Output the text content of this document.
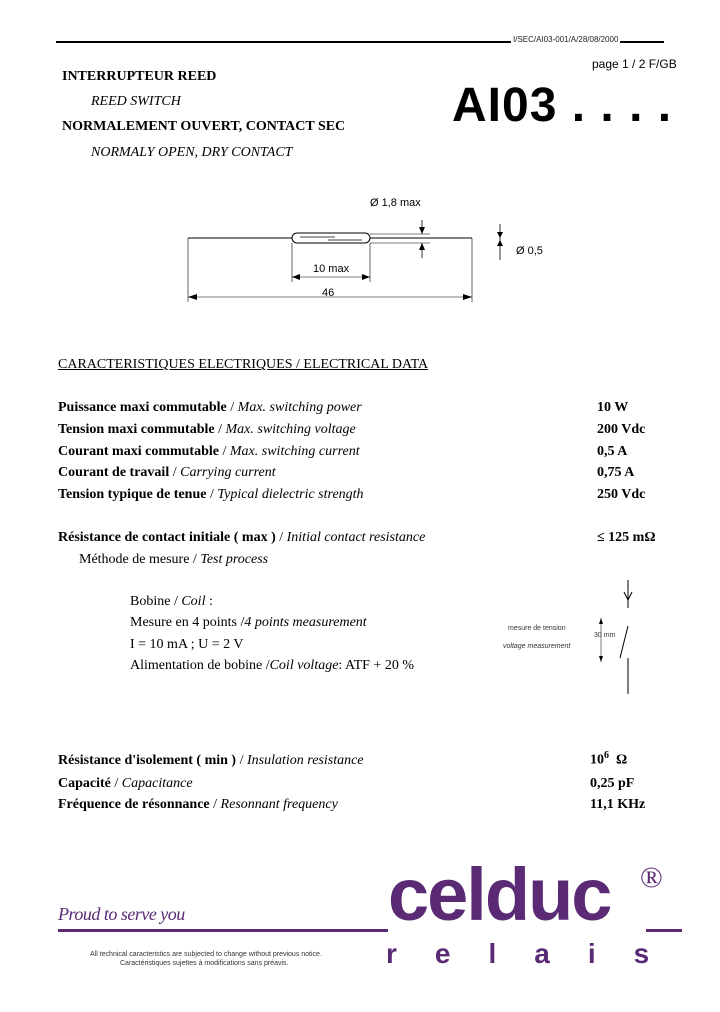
I/SEC/AI03-001/A/28/08/2000
page 1 / 2 F/GB
AI03 . . . .
INTERRUPTEUR REED
REED SWITCH
NORMALEMENT OUVERT, CONTACT SEC
NORMALY OPEN, DRY CONTACT
Ø 1,8 max
Ø 0,5
10 max
46
CARACTERISTIQUES ELECTRIQUES / ELECTRICAL DATA
Puissance maxi commutable / Max. switching power	10 W
Tension maxi commutable / Max. switching voltage	200 Vdc
Courant maxi commutable / Max. switching current	0,5 A
Courant de travail / Carrying current	0,75 A
Tension typique de tenue / Typical dielectric strength	250 Vdc
Résistance de contact initiale ( max ) / Initial contact resistance	≤ 125 mΩ
Méthode de mesure / Test process
Bobine / Coil :
Mesure en 4 points /4 points measurement
I = 10 mA ; U = 2 V
Alimentation de bobine /Coil voltage: ATF + 20 %
mesure de tension
voltage measurement
30 mm
Résistance d'isolement ( min ) / Insulation resistance	$10^6$ Ω
Capacité / Capacitance	0,25 pF
Fréquence de résonnance / Resonnant frequency	11,1 KHz
Proud to serve you	celduc ®
relais
All technical caracteristics are subjected to change without previous notice.
Caractéristiques sujettes à modifications sans préavis.
